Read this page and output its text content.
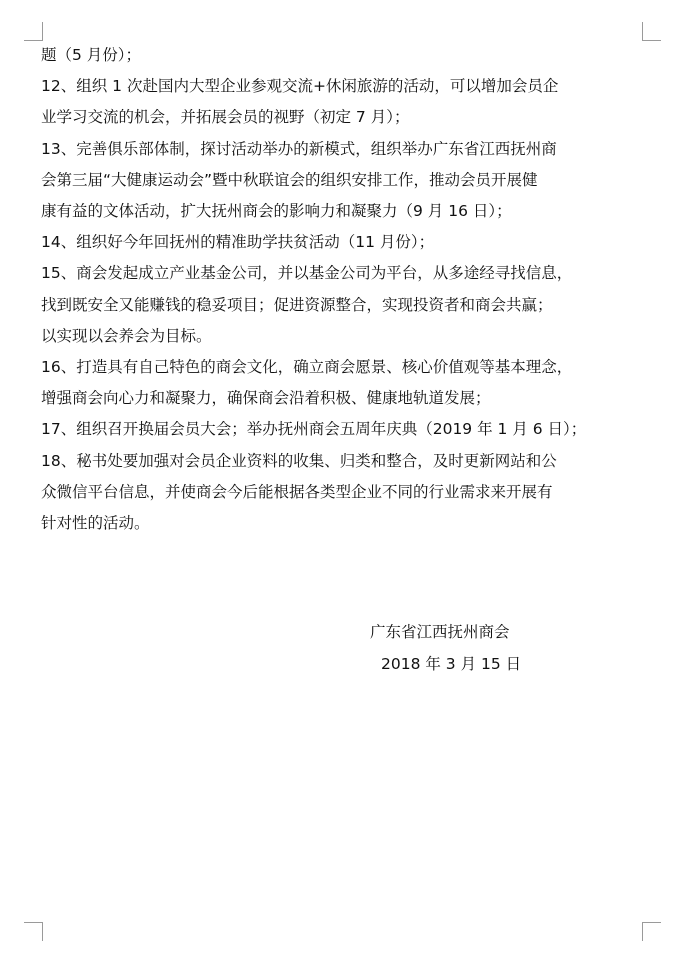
题（5 月份）；

12、组织 1 次赴国内大型企业参观交流+休闲旅游的活动，可以增加会员企
业学习交流的机会，并拓展会员的视野（初定 7 月）；

13、完善俱乐部体制，探讨活动举办的新模式，组织举办广东省江西抚州商
会第三届“大健康运动会”暨中秋联谊会的组织安排工作，推动会员开展健
康有益的文体活动，扩大抚州商会的影响力和凝聚力（9 月 16 日）；

14、组织好今年回抚州的精准助学扶贫活动（11 月份）；

15、商会发起成立产业基金公司，并以基金公司为平台，从多途经寻找信息，
找到既安全又能赚钱的稳妥项目；促进资源整合，实现投资者和商会共赢；
以实现以会养会为目标。

16、打造具有自己特色的商会文化，确立商会愿景、核心价值观等基本理念，
增强商会向心力和凝聚力，确保商会沿着积极、健康地轨道发展；

17、组织召开换届会员大会；举办抚州商会五周年庆典（2019 年 1 月 6 日）；

18、秘书处要加强对会员企业资料的收集、归类和整合，及时更新网站和公
众微信平台信息，并使商会今后能根据各类型企业不同的行业需求来开展有
针对性的活动。

广东省江西抚州商会
2018 年 3 月 15 日
